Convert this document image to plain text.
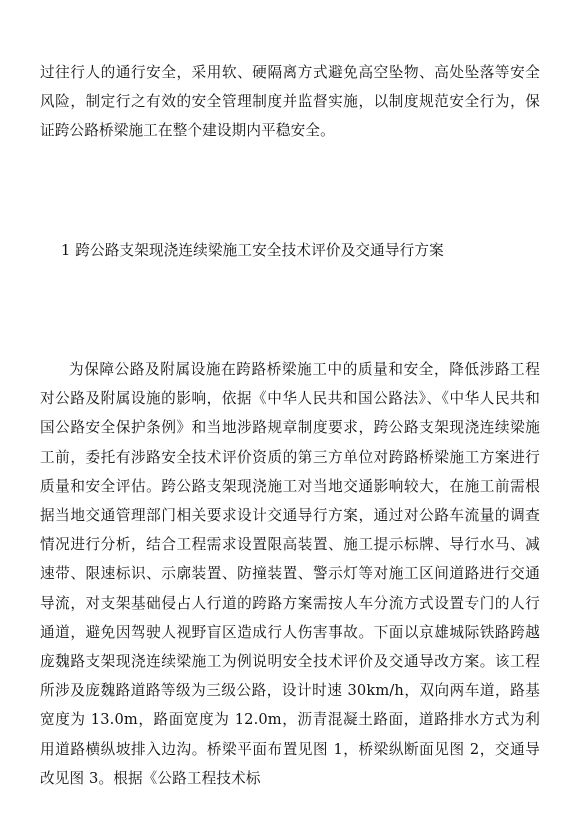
过往行人的通行安全，采用软、硬隔离方式避免高空坠物、高处坠落等安全风险，制定行之有效的安全管理制度并监督实施，以制度规范安全行为，保证跨公路桥梁施工在整个建设期内平稳安全。

1 跨公路支架现浇连续梁施工安全技术评价及交通导行方案

为保障公路及附属设施在跨路桥梁施工中的质量和安全，降低涉路工程对公路及附属设施的影响，依据《中华人民共和国公路法》、《中华人民共和国公路安全保护条例》和当地涉路规章制度要求，跨公路支架现浇连续梁施工前，委托有涉路安全技术评价资质的第三方单位对跨路桥梁施工方案进行质量和安全评估。跨公路支架现浇施工对当地交通影响较大，在施工前需根据当地交通管理部门相关要求设计交通导行方案，通过对公路车流量的调查情况进行分析，结合工程需求设置限高装置、施工提示标牌、导行水马、减速带、限速标识、示廓装置、防撞装置、警示灯等对施工区间道路进行交通导流，对支架基础侵占人行道的跨路方案需按人车分流方式设置专门的人行通道，避免因驾驶人视野盲区造成行人伤害事故。下面以京雄城际铁路跨越庞魏路支架现浇连续梁施工为例说明安全技术评价及交通导改方案。该工程所涉及庞魏路道路等级为三级公路，设计时速 30km/h，双向两车道，路基宽度为 13.0m，路面宽度为 12.0m，沥青混凝土路面，道路排水方式为利用道路横纵坡排入边沟。桥梁平面布置见图 1，桥梁纵断面见图 2，交通导改见图 3。根据《公路工程技术标
